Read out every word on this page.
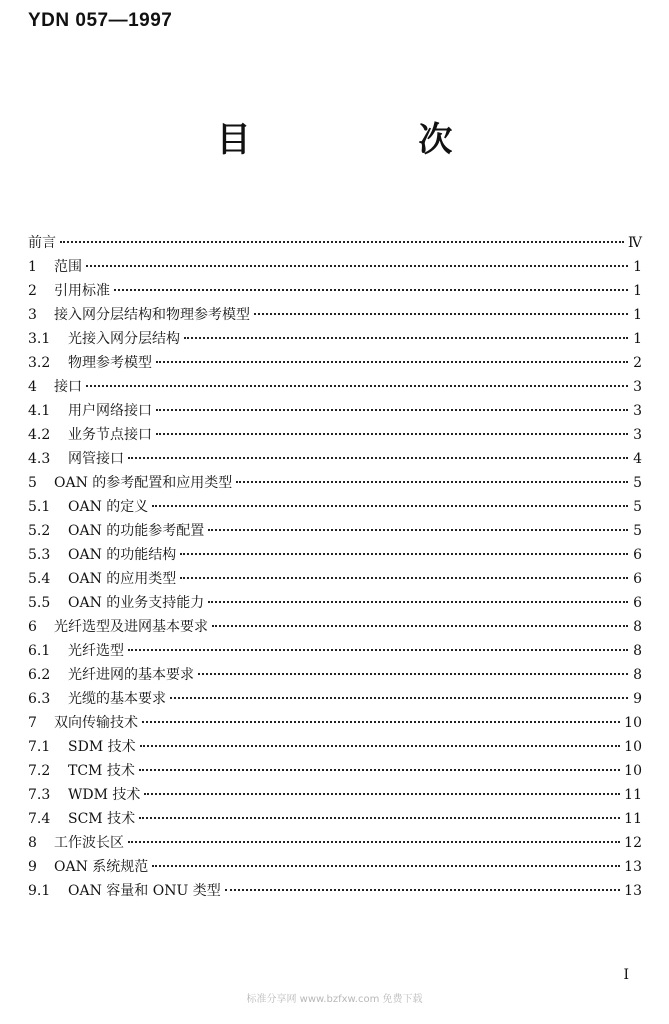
YDN 057—1997
目 次
前言	Ⅳ
1	范围	1
2	引用标准	1
3	接入网分层结构和物理参考模型	1
3.1	光接入网分层结构	1
3.2	物理参考模型	2
4	接口	3
4.1	用户网络接口	3
4.2	业务节点接口	3
4.3	网管接口	4
5	OAN 的参考配置和应用类型	5
5.1	OAN 的定义	5
5.2	OAN 的功能参考配置	5
5.3	OAN 的功能结构	6
5.4	OAN 的应用类型	6
5.5	OAN 的业务支持能力	6
6	光纤选型及进网基本要求	8
6.1	光纤选型	8
6.2	光纤进网的基本要求	8
6.3	光缆的基本要求	9
7	双向传输技术	10
7.1	SDM 技术	10
7.2	TCM 技术	10
7.3	WDM 技术	11
7.4	SCM 技术	11
8	工作波长区	12
9	OAN 系统规范	13
9.1	OAN 容量和 ONU 类型	13
Ⅰ
标准分享网 www.bzfxw.com 免费下载
